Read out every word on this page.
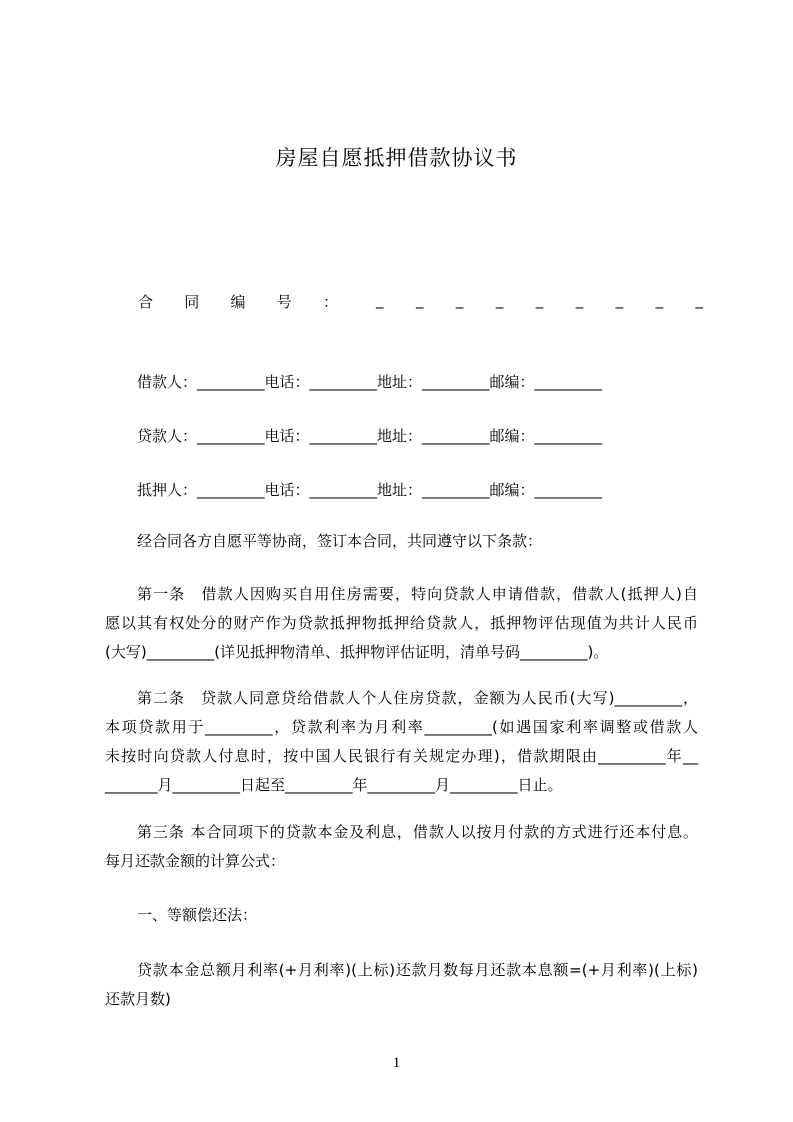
房屋自愿抵押借款协议书
合 同 编 号 ：	_ _ _ _ _ _ _ _ _
借款人：_________电话：_________地址：_________邮编：_________
贷款人：_________电话：_________地址：_________邮编：_________
抵押人：_________电话：_________地址：_________邮编：_________
经合同各方自愿平等协商，签订本合同，共同遵守以下条款：
第一条　借款人因购买自用住房需要，特向贷款人申请借款，借款人(抵押人)自
愿以其有权处分的财产作为贷款抵押物抵押给贷款人，抵押物评估现值为共计人民币
(大写)_________(详见抵押物清单、抵押物评估证明，清单号码_________)。
第二条　贷款人同意贷给借款人个人住房贷款，金额为人民币(大写)_________，
本项贷款用于_________，贷款利率为月利率_________(如遇国家利率调整或借款人
未按时向贷款人付息时，按中国人民银行有关规定办理)，借款期限由_________年__
_______月_________日起至_________年_________月_________日止。
第三条 本合同项下的贷款本金及利息，借款人以按月付款的方式进行还本付息。
每月还款金额的计算公式：
一、等额偿还法：
贷款本金总额月利率(+月利率)(上标)还款月数每月还款本息额=(+月利率)(上标)
还款月数)
1
